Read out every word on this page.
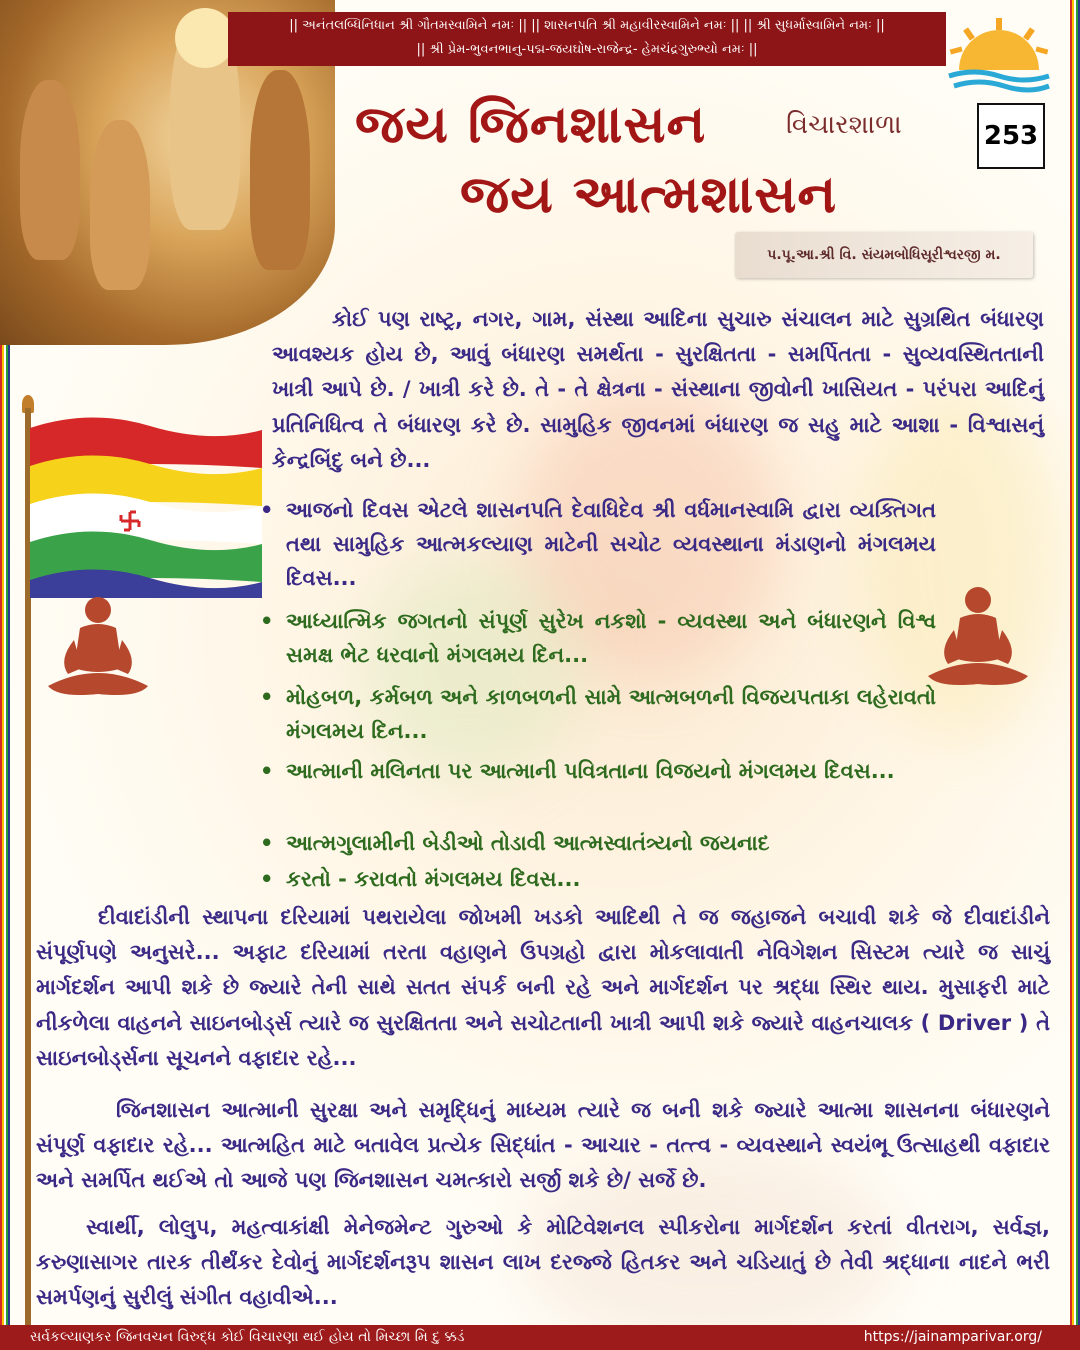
|| અનંતલબ્ધિનિધાન શ્રી ગૌતમસ્વામિને નમઃ || || શાસનપતિ શ્રી મહાવીરસ્વામિને નમઃ || || શ્રી સુધર્માસ્વામિને નમઃ ||
|| શ્રી પ્રેમ-ભુવનભાનુ-પદ્મ-જયઘોષ-રાજેન્દ્ર- હેમચંદ્રગુરુભ્યો નમઃ ||
જય જિનશાસન	વિચારશાળા	253
જય આત્મશાસન
પ.પૂ.આ.શ્રી વિ. સંયમબોધિસૂરીશ્વરજી મ.

કોઈ પણ રાષ્ટ્ર, નગર, ગામ, સંસ્થા આદિના સુચારુ સંચાલન માટે સુગ્રથિત બંધારણ આવશ્યક હોય છે, આવું બંધારણ સમર્થતા - સુરક્ષિતતા - સમર્પિતતા - સુવ્યવસ્થિતતાની ખાત્રી આપે છે. / ખાત્રી કરે છે. તે - તે ક્ષેત્રના - સંસ્થાના જીવોની ખાસિયત - પરંપરા આદિનું પ્રતિનિધિત્વ તે બંધારણ કરે છે. સામુહિક જીવનમાં બંધારણ જ સહુ માટે આશા - વિશ્વાસનું કેન્દ્રબિંદુ બને છે...

• આજનો દિવસ એટલે શાસનપતિ દેવાધિદેવ શ્રી વર્ધમાનસ્વામિ દ્વારા વ્યક્તિગત તથા સામુહિક આત્મકલ્યાણ માટેની સચોટ વ્યવસ્થાના મંડાણનો મંગલમય દિવસ...

• આધ્યાત્મિક જગતનો સંપૂર્ણ સુરેખ નકશો - વ્યવસ્થા અને બંધારણને વિશ્વ સમક્ષ ભેટ ધરવાનો મંગલમય દિન...

• મોહબળ, કર્મબળ અને કાળબળની સામે આત્મબળની વિજયપતાકા લહેરાવતો મંગલમય દિન...

• આત્માની મલિનતા પર આત્માની પવિત્રતાના વિજયનો મંગલમય દિવસ...

• આત્મગુલામીની બેડીઓ તોડાવી આત્મસ્વાતંત્ર્યનો જયનાદ

• કરતો - કરાવતો મંગલમય દિવસ...

દીવાદાંડીની સ્થાપના દરિયામાં પથરાયેલા જોખમી ખડકો આદિથી તે જ જહાજને બચાવી શકે જે દીવાદાંડીને સંપૂર્ણપણે અનુસરે... અફાટ દરિયામાં તરતા વહાણને ઉપગ્રહો દ્વારા મોકલાવાતી નેવિગેશન સિસ્ટમ ત્યારે જ સાચું માર્ગદર્શન આપી શકે છે જ્યારે તેની સાથે સતત સંપર્ક બની રહે અને માર્ગદર્શન પર શ્રદ્ધા સ્થિર થાય. મુસાફરી માટે નીકળેલા વાહનને સાઇનબોર્ડ્સ ત્યારે જ સુરક્ષિતતા અને સચોટતાની ખાત્રી આપી શકે જ્યારે વાહનચાલક ( Driver ) તે સાઇનબોર્ડ્સના સૂચનને વફાદાર રહે...

જિનશાસન આત્માની સુરક્ષા અને સમૃદ્ધિનું માધ્યમ ત્યારે જ બની શકે જ્યારે આત્મા શાસનના બંધારણને સંપૂર્ણ વફાદાર રહે... આત્મહિત માટે બતાવેલ પ્રત્યેક સિદ્ધાંત - આચાર - તત્ત્વ - વ્યવસ્થાને સ્વયંભૂ ઉત્સાહથી વફાદાર અને સમર્પિત થઈએ તો આજે પણ જિનશાસન ચમત્કારો સર્જી શકે છે/ સર્જે છે.

સ્વાર્થી, લોલુપ, મહત્વાકાંક્ષી મેનેજમેન્ટ ગુરુઓ કે મોટિવેશનલ સ્પીકરોના માર્ગદર્શન કરતાં વીતરાગ, સર્વજ્ઞ, કરુણાસાગર તારક તીર્થંકર દેવોનું માર્ગદર્શનરૂપ શાસન લાખ દરજ્જે હિતકર અને ચડિયાતું છે તેવી શ્રદ્ધાના નાદને ભરી સમર્પણનું સુરીલું સંગીત વહાવીએ...

સર્વકલ્યાણકર જિનવચન વિરુદ્ધ કોઈ વિચારણા થઈ હોય તો મિચ્છા મિ દુ ક્કડં	https://jainamparivar.org/
